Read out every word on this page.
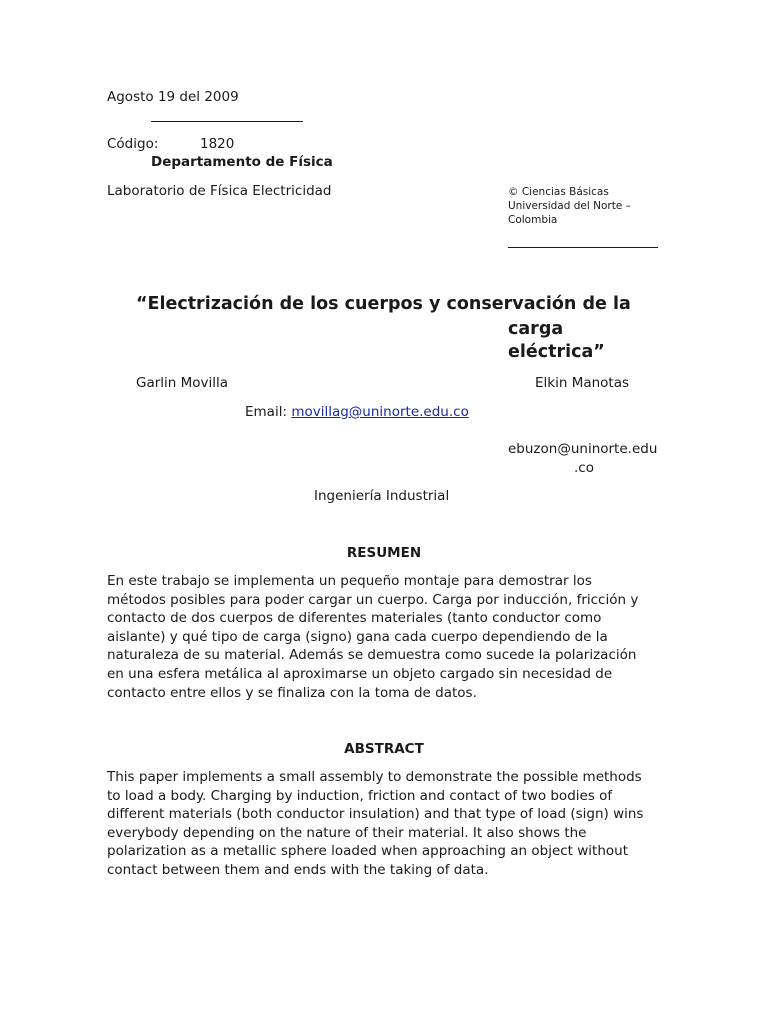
Agosto 19 del 2009
Código:	1820
Departamento de Física
Laboratorio de Física Electricidad	© Ciencias Básicas
Universidad del Norte –
Colombia
“Electrización de los cuerpos y conservación de la
carga
eléctrica”
Garlin Movilla	Elkin Manotas
Email: movillag@uninorte.edu.co
ebuzon@uninorte.edu
.co
Ingeniería Industrial
RESUMEN
En este trabajo se implementa un pequeño montaje para demostrar los
métodos posibles para poder cargar un cuerpo. Carga por inducción, fricción y
contacto de dos cuerpos de diferentes materiales (tanto conductor como
aislante) y qué tipo de carga (signo) gana cada cuerpo dependiendo de la
naturaleza de su material. Además se demuestra como sucede la polarización
en una esfera metálica al aproximarse un objeto cargado sin necesidad de
contacto entre ellos y se finaliza con la toma de datos.
ABSTRACT
This paper implements a small assembly to demonstrate the possible methods
to load a body. Charging by induction, friction and contact of two bodies of
different materials (both conductor insulation) and that type of load (sign) wins
everybody depending on the nature of their material. It also shows the
polarization as a metallic sphere loaded when approaching an object without
contact between them and ends with the taking of data.
